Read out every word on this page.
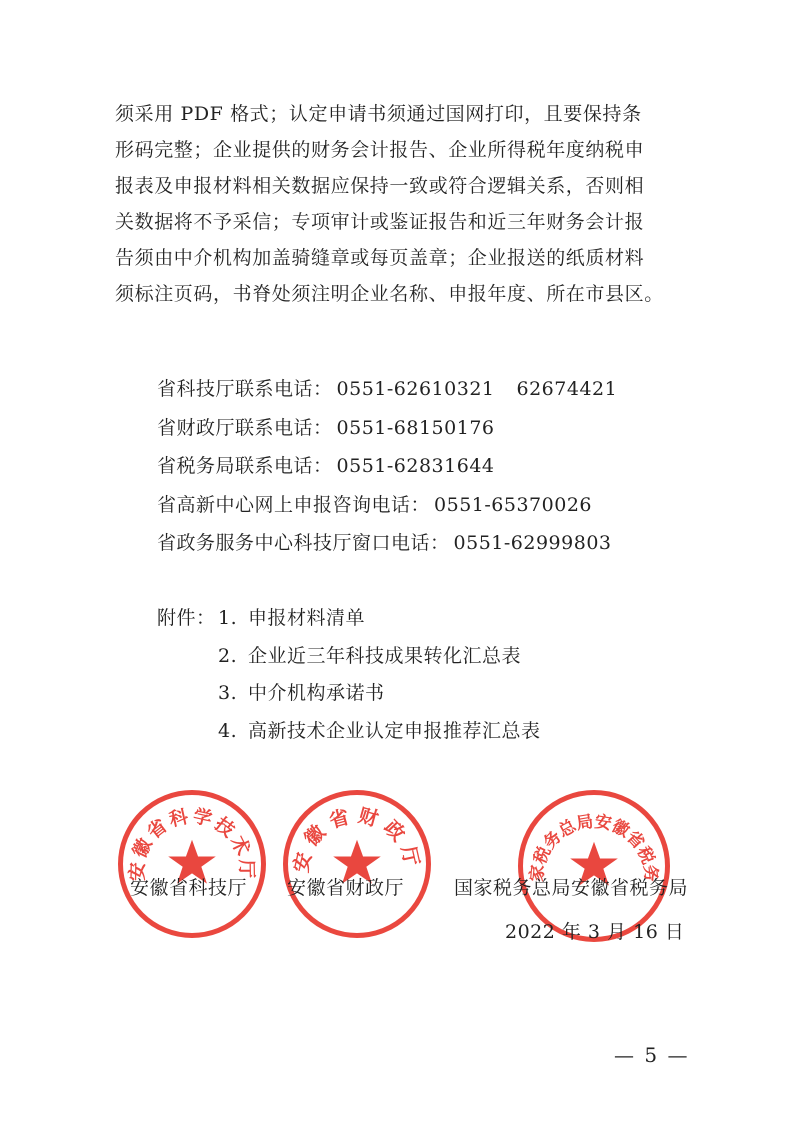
须采用 PDF 格式；认定申请书须通过国网打印，且要保持条
形码完整；企业提供的财务会计报告、企业所得税年度纳税申
报表及申报材料相关数据应保持一致或符合逻辑关系，否则相
关数据将不予采信；专项审计或鉴证报告和近三年财务会计报
告须由中介机构加盖骑缝章或每页盖章；企业报送的纸质材料
须标注页码，书脊处须注明企业名称、申报年度、所在市县区。
省科技厅联系电话： 0551-62610321 62674421
省财政厅联系电话： 0551-68150176
省税务局联系电话： 0551-62831644
省高新中心网上申报咨询电话： 0551-65370026
省政务服务中心科技厅窗口电话： 0551-62999803
附件： 1. 申报材料清单
2. 企业近三年科技成果转化汇总表
3. 中介机构承诺书
4. 高新技术企业认定申报推荐汇总表
安徽省科学技术厅 安徽省财政厅
国家税务总局安徽省税务局
安徽省科技厅 安徽省财政厅	国家税务总局安徽省税务局
2022 年 3 月 16 日
— 5 —
